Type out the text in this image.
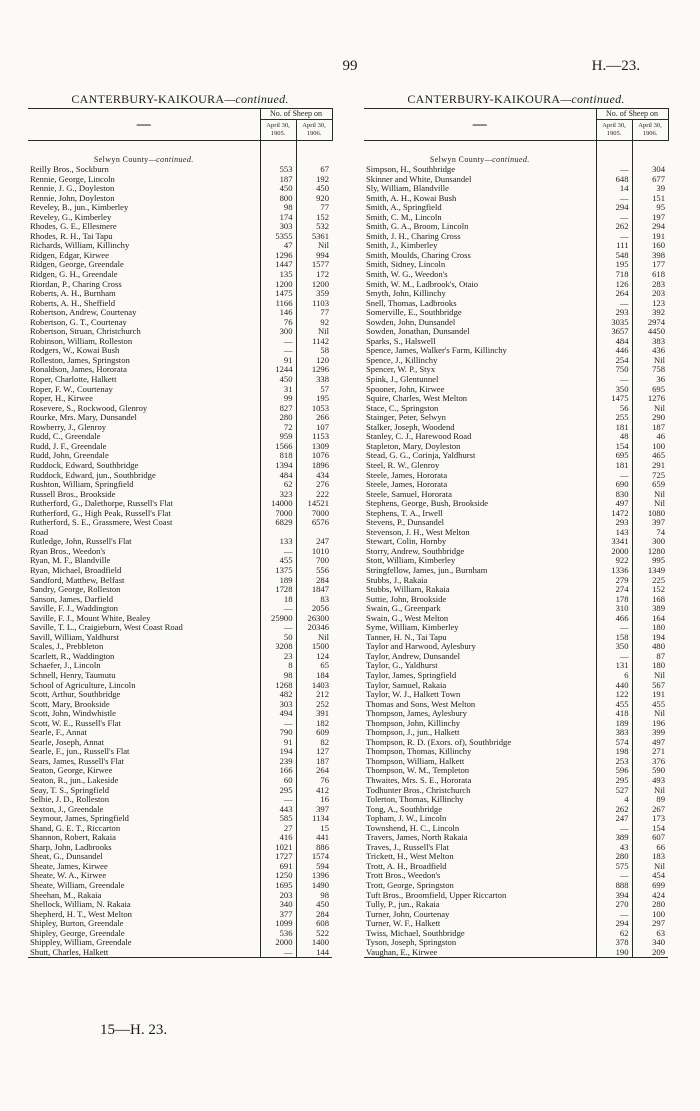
99	H.—23.
CANTERBURY-KAIKOURA—continued.
—	No. of Sheep on	
	April 30,
1905.	April 30,
1906.

Selwyn County—continued.		
Reilly Bros., Sockburn	553	67
Rennie, George, Lincoln	187	192
Rennie, J. G., Doyleston	450	450
Rennie, John, Doyleston	800	920
Reveley, B., jun., Kimberley	98	77
Reveley, G., Kimberley	174	152
Rhodes, G. E., Ellesmere	303	532
Rhodes, R. H., Tai Tapu	5355	5361
Richards, William, Killinchy	47	Nil
Ridgen, Edgar, Kirwee	1296	994
Ridgen, George, Greendale	1447	1577
Ridgen, G. H., Greendale	135	172
Riordan, P., Charing Cross	1200	1200
Roberts, A. H., Burnham	1475	359
Roberts, A. H., Sheffield	1166	1103
Robertson, Andrew, Courtenay	146	77
Robertson, G. T., Courtenay	76	92
Robertson, Struan, Christchurch	300	Nil
Robinson, William, Rolleston	—	1142
Rodgers, W., Kowai Bush	—	58
Rolleston, James, Springston	91	120
Ronaldson, James, Hororata	1244	1296
Roper, Charlotte, Halkett	450	338
Roper, F. W., Courtenay	31	57
Roper, H., Kirwee	99	195
Rosevere, S., Rockwood, Glenroy	827	1053
Rourke, Mrs. Mary, Dunsandel	280	266
Rowberry, J., Glenroy	72	107
Rudd, C., Greendale	959	1153
Rudd, J. F., Greendale	1566	1309
Rudd, John, Greendale	818	1076
Ruddock, Edward, Southbridge	1394	1896
Ruddock, Edward, jun., Southbridge	484	434
Rushton, William, Springfield	62	276
Russell Bros., Brookside	323	222
Rutherford, G., Dalethorpe, Russell's Flat	14000	14521
Rutherford, G., High Peak, Russell's Flat	7000	7000
Rutherford, S. E., Grassmere, West Coast	6829	6576
Road		
Rutledge, John, Russell's Flat	133	247
Ryan Bros., Weedon's	—	1010
Ryan, M. F., Blandville	455	700
Ryan, Michael, Broadfield	1375	556
Sandford, Matthew, Belfast	189	284
Sandry, George, Rolleston	1728	1847
Sanson, James, Darfield	18	83
Saville, F. J., Waddington	—	2056
Saville, F. J., Mount White, Bealey	25900	26300
Saville, T. L., Craigieburn, West Coast Road	—	20346
Savill, William, Yaldhurst	50	Nil
Scales, J., Prebbleton	3208	1500
Scarlett, R., Waddington	23	124
Schaefer, J., Lincoln	8	65
Schnell, Henry, Taumutu	98	184
School of Agriculture, Lincoln	1268	1403
Scott, Arthur, Southbridge	482	212
Scott, Mary, Brookside	303	252
Scott, John, Windwhistle	494	391
Scott, W. E., Russell's Flat	—	182
Searle, F., Annat	790	609
Searle, Joseph, Annat	91	82
Searle, F., jun., Russell's Flat	194	127
Sears, James, Russell's Flat	239	187
Seaton, George, Kirwee	166	264
Seaton, R., jun., Lakeside	60	76
Seay, T. S., Springfield	295	412
Selbie, J. D., Rolleston	—	16
Sexton, J., Greendale	443	397
Seymour, James, Springfield	585	1134
Shand, G. E. T., Riccarton	27	15
Shannon, Robert, Rakaia	416	441
Sharp, John, Ladbrooks	1021	886
Sheat, G., Dunsandel	1727	1574
Sheate, James, Kirwee	691	594
Sheate, W. A., Kirwee	1250	1396
Sheate, William, Greendale	1695	1490
Sheehan, M., Rakaia	203	98
Shellock, William, N. Rakaia	340	450
Shepherd, H. T., West Melton	377	284
Shipley, Burton, Greendale	1099	608
Shipley, George, Greendale	536	522
Shippley, William, Greendale	2000	1400
Shutt, Charles, Halkett	—	144
CANTERBURY-KAIKOURA—continued.
—	No. of Sheep on	
	April 30,
1905.	April 30,
1906.

Selwyn County—continued.		
Simpson, H., Southbridge	—	304
Skinner and White, Dunsandel	648	677
Sly, William, Blandville	14	39
Smith, A. H., Kowai Bush	—	151
Smith, A., Springfield	294	95
Smith, C. M., Lincoln	—	197
Smith, G. A., Broom, Lincoln	262	294
Smith, J. H., Charing Cross	—	191
Smith, J., Kimberley	111	160
Smith, Moulds, Charing Cross	548	398
Smith, Sidney, Lincoln	195	177
Smith, W. G., Weedon's	718	618
Smith, W. M., Ladbrook's, Otaio	126	283
Smyth, John, Killinchy	264	203
Snell, Thomas, Ladbrooks	—	123
Somerville, E., Southbridge	293	392
Sowden, John, Dunsandel	3035	2974
Sowden, Jonathan, Dunsandel	3657	4450
Sparks, S., Halswell	484	383
Spence, James, Walker's Farm, Killinchy	446	436
Spence, J., Killinchy	254	Nil
Spencer, W. P., Styx	750	758
Spink, J., Glentunnel	—	36
Spooner, John, Kirwee	350	695
Squire, Charles, West Melton	1475	1276
Stace, C., Springston	56	Nil
Stainger, Peter, Selwyn	255	290
Stalker, Joseph, Woodend	181	187
Stanley, C. J., Harewood Road	48	46
Stapleton, Mary, Doyleston	154	100
Stead, G. G., Corinja, Yaldhurst	695	465
Steel, R. W., Glenroy	181	291
Steele, James, Hororata	—	725
Steele, James, Hororata	690	659
Steele, Samuel, Hororata	830	Nil
Stephens, George, Bush, Brookside	497	Nil
Stephens, T. A., Irwell	1472	1080
Stevens, P., Dunsandel	293	397
Stevenson, J. H., West Melton	143	74
Stewart, Colin, Hornby	3341	300
Storry, Andrew, Southbridge	2000	1280
Stott, William, Kimberley	922	995
Stringfellow, James, jun., Burnham	1336	1349
Stubbs, J., Rakaia	279	225
Stubbs, William, Rakaia	274	152
Suttie, John, Brookside	178	168
Swain, G., Greenpark	310	389
Swain, G., West Melton	466	164
Syme, William, Kimberley	—	180
Tanner, H. N., Tai Tapu	158	194
Taylor and Harwood, Aylesbury	350	480
Taylor, Andrew, Dunsandel	—	87
Taylor, G., Yaldhurst	131	180
Taylor, James, Springfield	6	Nil
Taylor, Samuel, Rakaia	440	567
Taylor, W. J., Halkett Town	122	191
Thomas and Sons, West Melton	455	455
Thompson, James, Aylesbury	418	Nil
Thompson, John, Killinchy	189	196
Thompson, J., jun., Halkett	383	399
Thompson, R. D. (Exors. of), Southbridge	574	497
Thompson, Thomas, Killinchy	198	271
Thompson, William, Halkett	253	376
Thompson, W. M., Templeton	596	590
Thwaites, Mrs. S. E., Hororata	295	493
Todhunter Bros., Christchurch	527	Nil
Tolerton, Thomas, Killinchy	4	89
Tong, A., Southbridge	262	267
Topham, J. W., Lincoln	247	173
Townshend, H. C., Lincoln	—	154
Travers, James, North Rakaia	389	607
Traves, J., Russell's Flat	43	66
Trickett, H., West Melton	280	183
Trott, A. H., Broadfield	575	Nil
Trott Bros., Weedon's	—	454
Trott, George, Springston	888	699
Tuft Bros., Broomfield, Upper Riccarton	394	424
Tully, P., jun., Rakaia	270	280
Turner, John, Courtenay	—	100
Turner, W. F., Halkett	294	297
Twiss, Michael, Southbridge	62	63
Tyson, Joseph, Springston	378	340
Vaughan, E., Kirwee	190	209
15—H. 23.
